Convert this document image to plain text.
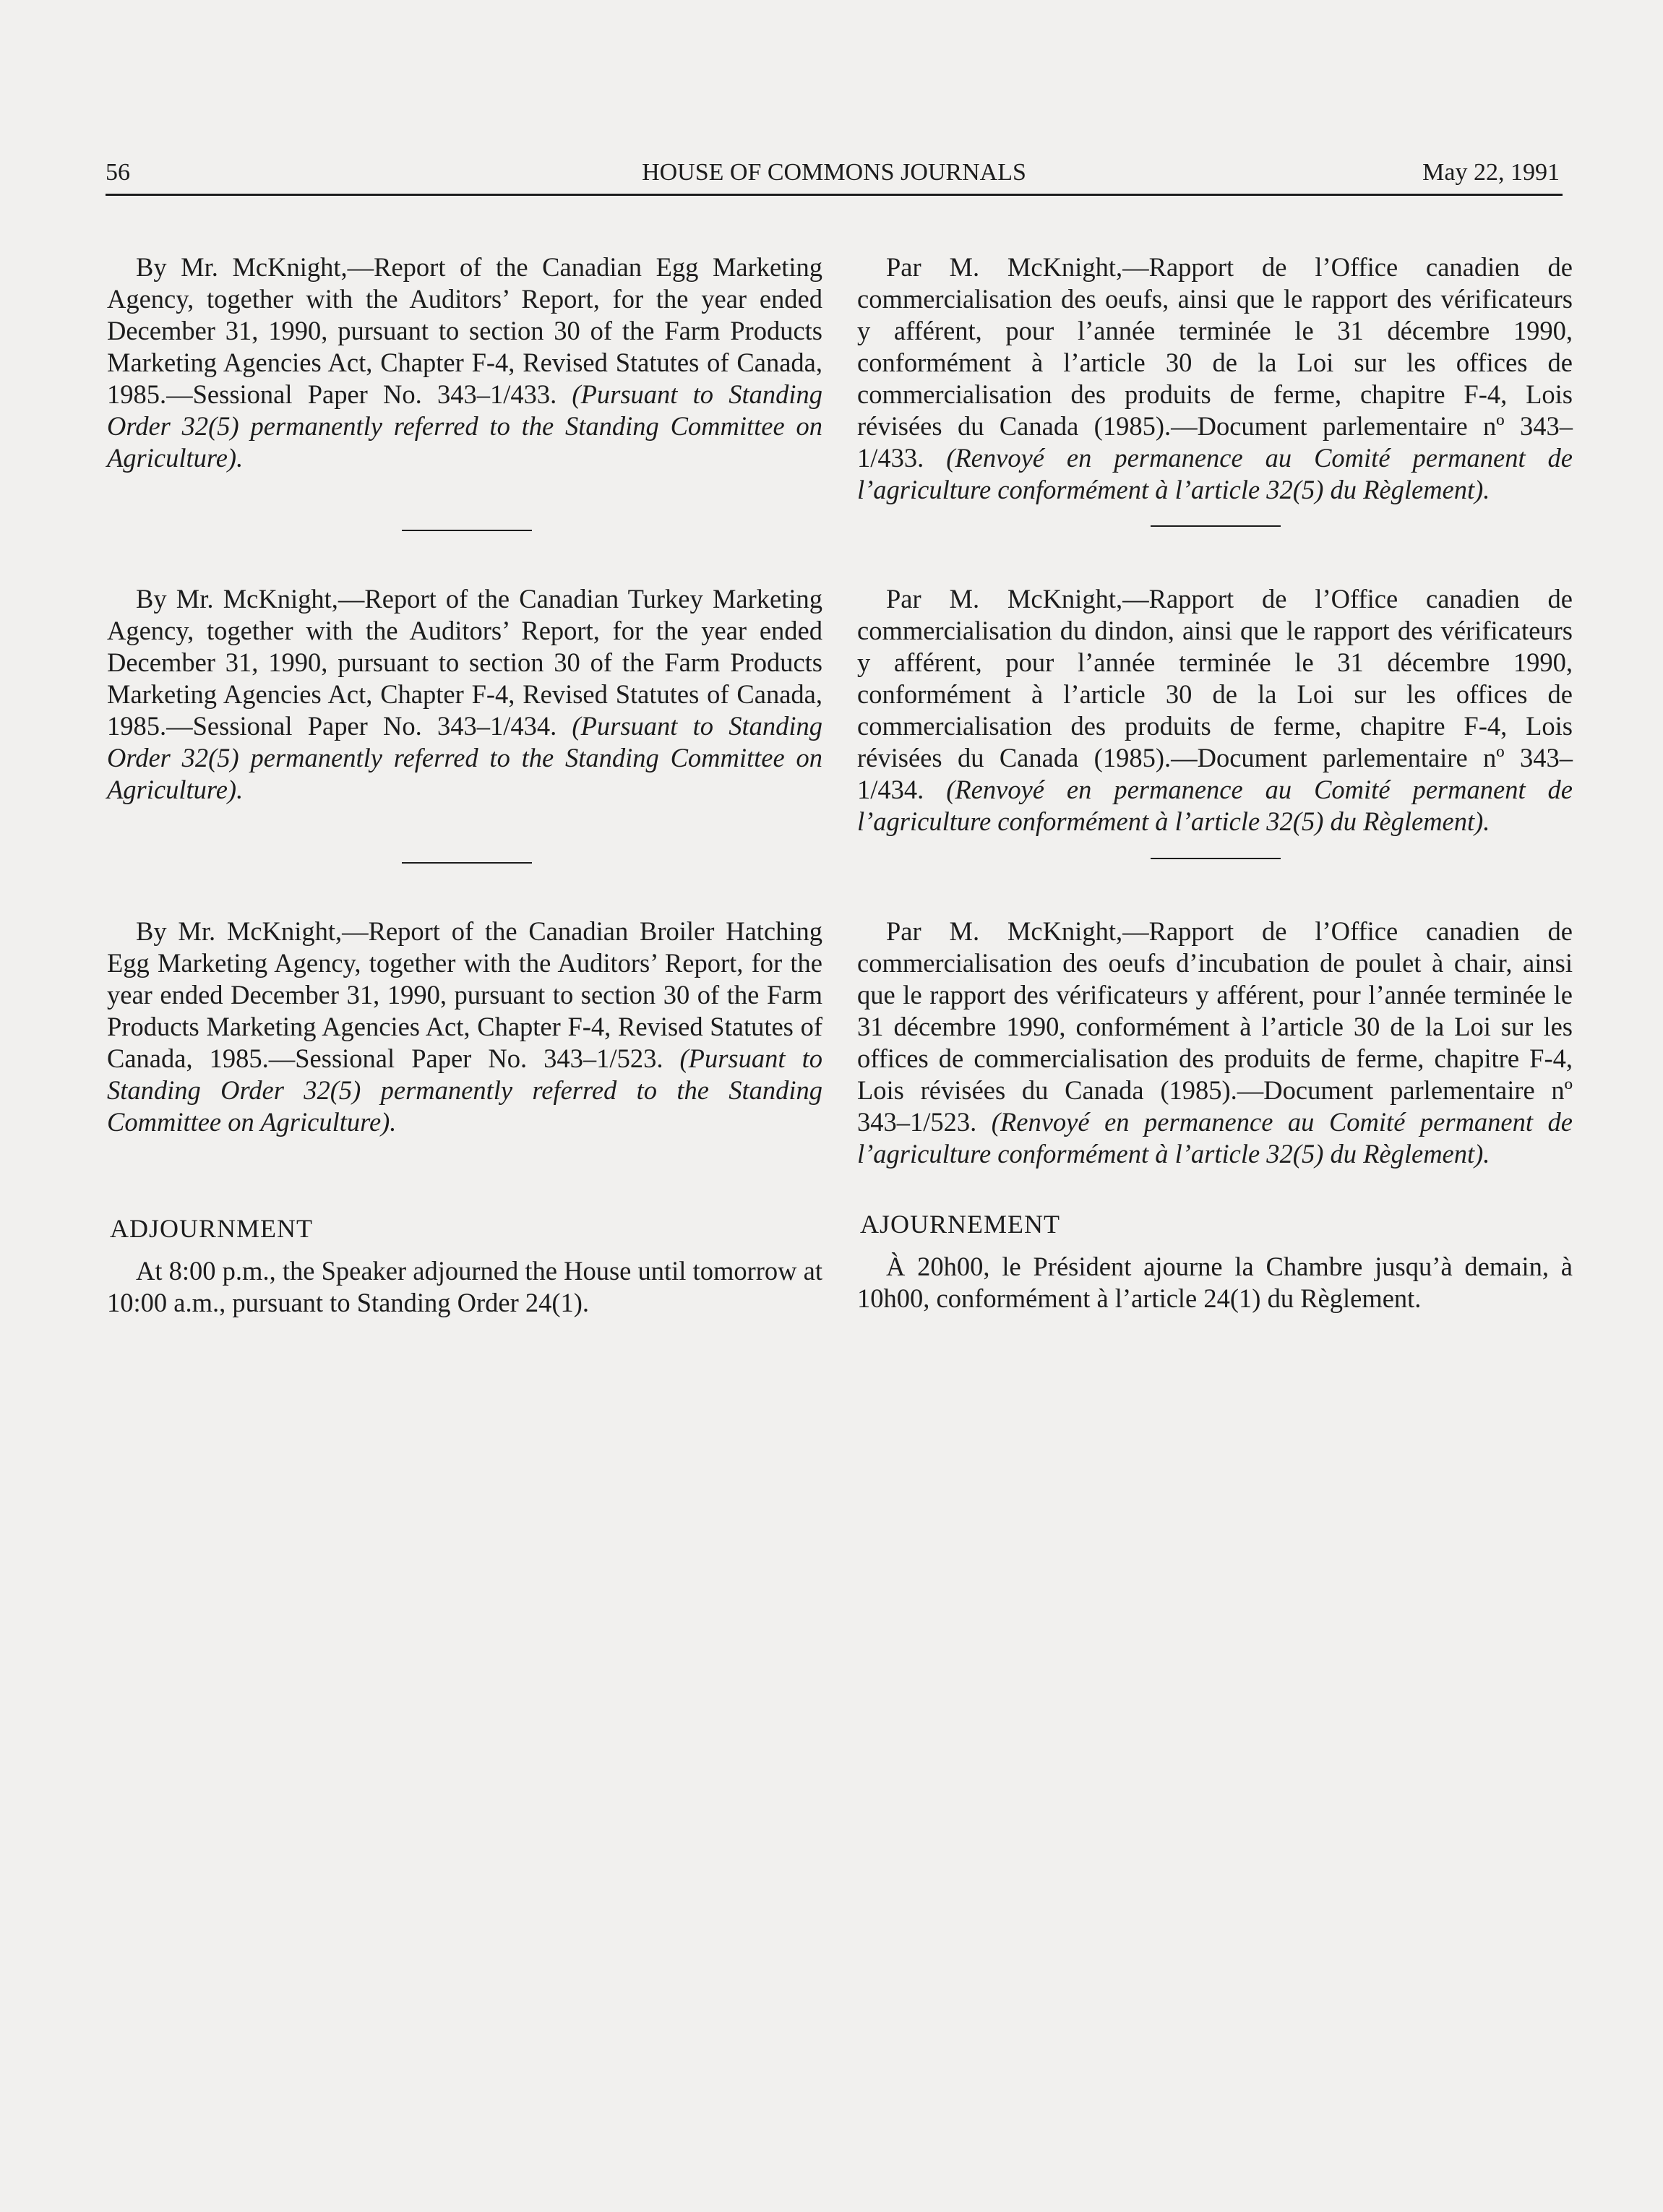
56	HOUSE OF COMMONS JOURNALS	May 22, 1991

By Mr. McKnight,—Report of the Canadian Egg Marketing Agency, together with the Auditors’ Report, for the year ended December 31, 1990, pursuant to section 30 of the Farm Products Marketing Agencies Act, Chapter F-4, Revised Statutes of Canada, 1985.—Sessional Paper No. 343–1/433. (Pursuant to Standing Order 32(5) permanently referred to the Standing Committee on Agriculture).

By Mr. McKnight,—Report of the Canadian Turkey Marketing Agency, together with the Auditors’ Report, for the year ended December 31, 1990, pursuant to section 30 of the Farm Products Marketing Agencies Act, Chapter F-4, Revised Statutes of Canada, 1985.—Sessional Paper No. 343–1/434. (Pursuant to Standing Order 32(5) permanently referred to the Standing Committee on Agriculture).

By Mr. McKnight,—Report of the Canadian Broiler Hatching Egg Marketing Agency, together with the Auditors’ Report, for the year ended December 31, 1990, pursuant to section 30 of the Farm Products Marketing Agencies Act, Chapter F-4, Revised Statutes of Canada, 1985.—Sessional Paper No. 343–1/523. (Pursuant to Standing Order 32(5) permanently referred to the Standing Committee on Agriculture).

ADJOURNMENT

At 8:00 p.m., the Speaker adjourned the House until tomorrow at 10:00 a.m., pursuant to Standing Order 24(1).

Par M. McKnight,—Rapport de l’Office canadien de commercialisation des oeufs, ainsi que le rapport des vérificateurs y afférent, pour l’année terminée le 31 décembre 1990, conformément à l’article 30 de la Loi sur les offices de commercialisation des produits de ferme, chapitre F-4, Lois révisées du Canada (1985).—Document parlementaire nº 343–1/433. (Renvoyé en permanence au Comité permanent de l’agriculture conformément à l’article 32(5) du Règlement).

Par M. McKnight,—Rapport de l’Office canadien de commercialisation du dindon, ainsi que le rapport des vérificateurs y afférent, pour l’année terminée le 31 décembre 1990, conformément à l’article 30 de la Loi sur les offices de commercialisation des produits de ferme, chapitre F-4, Lois révisées du Canada (1985).—Document parlementaire nº 343–1/434. (Renvoyé en permanence au Comité permanent de l’agriculture conformément à l’article 32(5) du Règlement).

Par M. McKnight,—Rapport de l’Office canadien de commercialisation des oeufs d’incubation de poulet à chair, ainsi que le rapport des vérificateurs y afférent, pour l’année terminée le 31 décembre 1990, conformément à l’article 30 de la Loi sur les offices de commercialisation des produits de ferme, chapitre F-4, Lois révisées du Canada (1985).—Document parlementaire nº 343–1/523. (Renvoyé en permanence au Comité permanent de l’agriculture conformément à l’article 32(5) du Règlement).

AJOURNEMENT

À 20h00, le Président ajourne la Chambre jusqu’à demain, à 10h00, conformément à l’article 24(1) du Règlement.
